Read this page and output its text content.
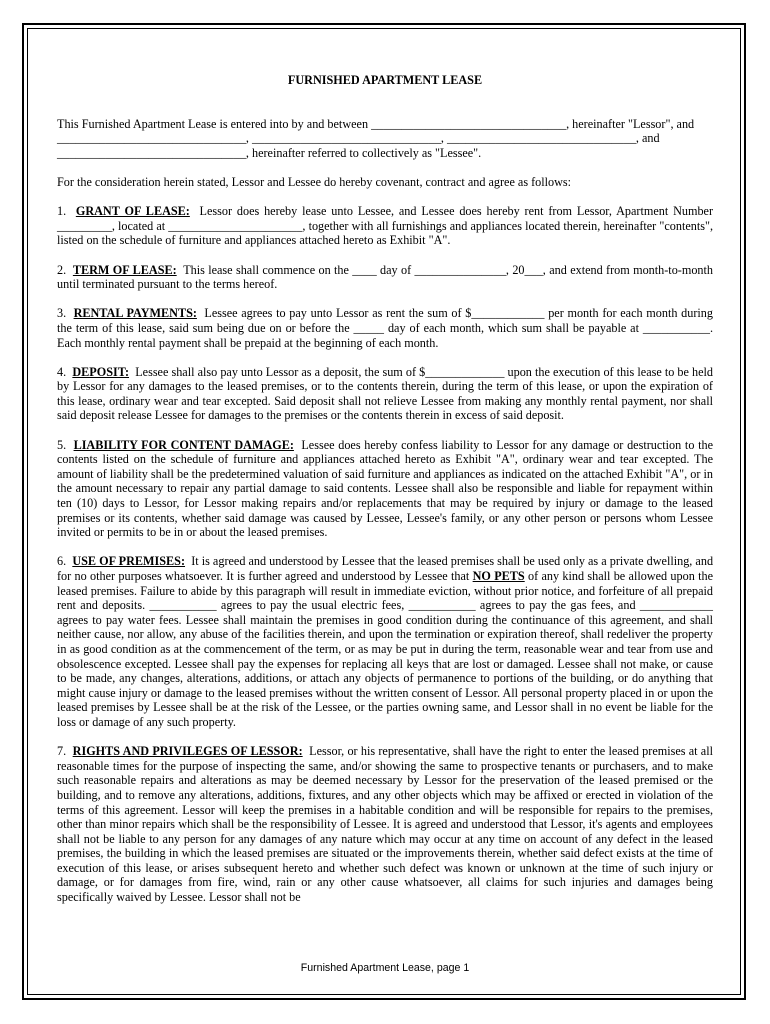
FURNISHED APARTMENT LEASE

This Furnished Apartment Lease is entered into by and between ________________________________, hereinafter "Lessor", and _______________________________, _______________________________, _______________________________, and _______________________________, hereinafter referred to collectively as "Lessee".

For the consideration herein stated, Lessor and Lessee do hereby covenant, contract and agree as follows:

1. GRANT OF LEASE: Lessor does hereby lease unto Lessee, and Lessee does hereby rent from Lessor, Apartment Number _________, located at ______________________, together with all furnishings and appliances located therein, hereinafter "contents", listed on the schedule of furniture and appliances attached hereto as Exhibit "A".

2. TERM OF LEASE: This lease shall commence on the ____ day of _______________, 20___, and extend from month-to-month until terminated pursuant to the terms hereof.

3. RENTAL PAYMENTS: Lessee agrees to pay unto Lessor as rent the sum of $____________ per month for each month during the term of this lease, said sum being due on or before the _____ day of each month, which sum shall be payable at ___________. Each monthly rental payment shall be prepaid at the beginning of each month.

4. DEPOSIT: Lessee shall also pay unto Lessor as a deposit, the sum of $_____________ upon the execution of this lease to be held by Lessor for any damages to the leased premises, or to the contents therein, during the term of this lease, or upon the expiration of this lease, ordinary wear and tear excepted. Said deposit shall not relieve Lessee from making any monthly rental payment, nor shall said deposit release Lessee for damages to the premises or the contents therein in excess of said deposit.

5. LIABILITY FOR CONTENT DAMAGE: Lessee does hereby confess liability to Lessor for any damage or destruction to the contents listed on the schedule of furniture and appliances attached hereto as Exhibit "A", ordinary wear and tear excepted. The amount of liability shall be the predetermined valuation of said furniture and appliances as indicated on the attached Exhibit "A", or in the amount necessary to repair any partial damage to said contents. Lessee shall also be responsible and liable for repayment within ten (10) days to Lessor, for Lessor making repairs and/or replacements that may be required by injury or damage to the leased premises or its contents, whether said damage was caused by Lessee, Lessee's family, or any other person or persons whom Lessee invited or permits to be in or about the leased premises.

6. USE OF PREMISES: It is agreed and understood by Lessee that the leased premises shall be used only as a private dwelling, and for no other purposes whatsoever. It is further agreed and understood by Lessee that NO PETS of any kind shall be allowed upon the leased premises. Failure to abide by this paragraph will result in immediate eviction, without prior notice, and forfeiture of all prepaid rent and deposits. ___________ agrees to pay the usual electric fees, ___________ agrees to pay the gas fees, and ____________ agrees to pay water fees. Lessee shall maintain the premises in good condition during the continuance of this agreement, and shall neither cause, nor allow, any abuse of the facilities therein, and upon the termination or expiration thereof, shall redeliver the property in as good condition as at the commencement of the term, or as may be put in during the term, reasonable wear and tear from use and obsolescence excepted. Lessee shall pay the expenses for replacing all keys that are lost or damaged. Lessee shall not make, or cause to be made, any changes, alterations, additions, or attach any objects of permanence to portions of the building, or do anything that might cause injury or damage to the leased premises without the written consent of Lessor. All personal property placed in or upon the leased premises by Lessee shall be at the risk of the Lessee, or the parties owning same, and Lessor shall in no event be liable for the loss or damage of any such property.

7. RIGHTS AND PRIVILEGES OF LESSOR: Lessor, or his representative, shall have the right to enter the leased premises at all reasonable times for the purpose of inspecting the same, and/or showing the same to prospective tenants or purchasers, and to make such reasonable repairs and alterations as may be deemed necessary by Lessor for the preservation of the leased premised or the building, and to remove any alterations, additions, fixtures, and any other objects which may be affixed or erected in violation of the terms of this agreement. Lessor will keep the premises in a habitable condition and will be responsible for repairs to the premises, other than minor repairs which shall be the responsibility of Lessee. It is agreed and understood that Lessor, it's agents and employees shall not be liable to any person for any damages of any nature which may occur at any time on account of any defect in the leased premises, the building in which the leased premises are situated or the improvements therein, whether said defect exists at the time of execution of this lease, or arises subsequent hereto and whether such defect was known or unknown at the time of such injury or damage, or for damages from fire, wind, rain or any other cause whatsoever, all claims for such injuries and damages being specifically waived by Lessee. Lessor shall not be

Furnished Apartment Lease, page 1
